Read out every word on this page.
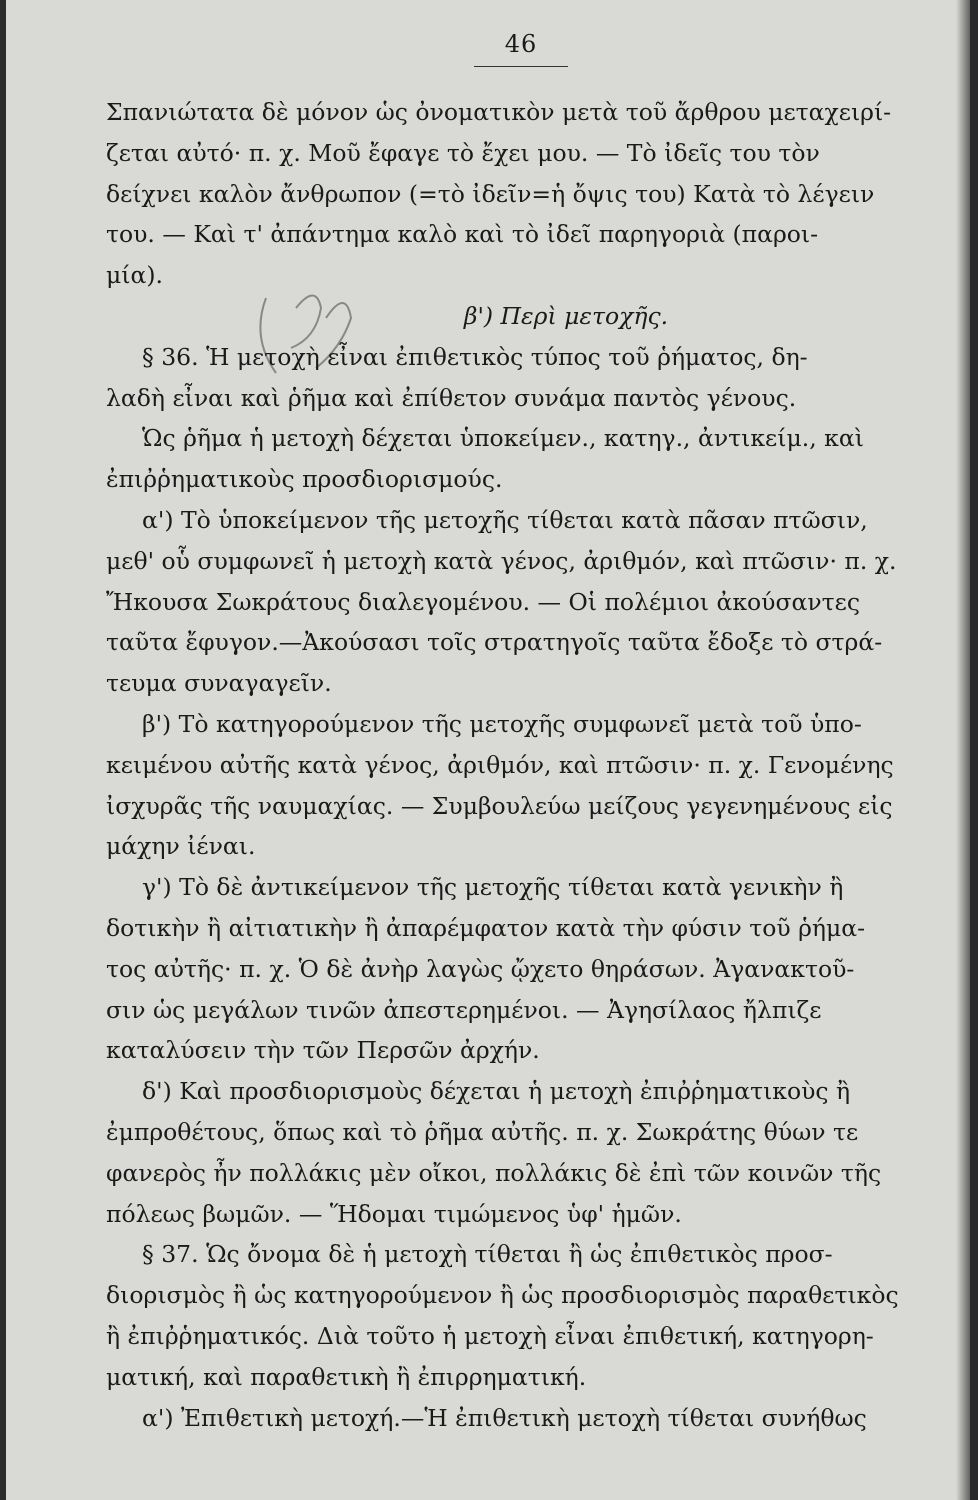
46
Σπανιώτατα δὲ μόνον ὡς ὀνοματικὸν μετὰ τοῦ ἄρθρου μεταχειρί-
ζεται αὐτό· π. χ. Μοῦ ἔφαγε τὸ ἔχει μου. — Τὸ ἰδεῖς του τὸν
δείχνει καλὸν ἄνθρωπον (=τὸ ἰδεῖν=ἡ ὄψις του) Κατὰ τὸ λέγειν
του. — Καὶ τ' ἀπάντημα καλὸ καὶ τὸ ἰδεῖ παρηγοριὰ (παροι-
μία).
β') Περὶ μετοχῆς.
§ 36. Ἡ μετοχὴ εἶναι ἐπιθετικὸς τύπος τοῦ ῥήματος, δη-
λαδὴ εἶναι καὶ ῥῆμα καὶ ἐπίθετον συνάμα παντὸς γένους.
Ὡς ῥῆμα ἡ μετοχὴ δέχεται ὑποκείμεν., κατηγ., ἀντικείμ., καὶ
ἐπιῤῥηματικοὺς προσδιορισμούς.
α') Τὸ ὑποκείμενον τῆς μετοχῆς τίθεται κατὰ πᾶσαν πτῶσιν,
μεθ' οὗ συμφωνεῖ ἡ μετοχὴ κατὰ γένος, ἀριθμόν, καὶ πτῶσιν· π. χ.
Ἤκουσα Σωκράτους διαλεγομένου. — Οἱ πολέμιοι ἀκούσαντες
ταῦτα ἔφυγον.—Ἀκούσασι τοῖς στρατηγοῖς ταῦτα ἔδοξε τὸ στρά-
τευμα συναγαγεῖν.
β') Τὸ κατηγορούμενον τῆς μετοχῆς συμφωνεῖ μετὰ τοῦ ὑπο-
κειμένου αὐτῆς κατὰ γένος, ἀριθμόν, καὶ πτῶσιν· π. χ. Γενομένης
ἰσχυρᾶς τῆς ναυμαχίας. — Συμβουλεύω μείζους γεγενημένους εἰς
μάχην ἰέναι.
γ') Τὸ δὲ ἀντικείμενον τῆς μετοχῆς τίθεται κατὰ γενικὴν ἢ
δοτικὴν ἢ αἰτιατικὴν ἢ ἀπαρέμφατον κατὰ τὴν φύσιν τοῦ ῥήμα-
τος αὐτῆς· π. χ. Ὁ δὲ ἀνὴρ λαγὼς ᾤχετο θηράσων. Ἀγανακτοῦ-
σιν ὡς μεγάλων τινῶν ἀπεστερημένοι. — Ἀγησίλαος ἤλπιζε
καταλύσειν τὴν τῶν Περσῶν ἀρχήν.
δ') Καὶ προσδιορισμοὺς δέχεται ἡ μετοχὴ ἐπιῤῥηματικοὺς ἢ
ἐμπροθέτους, ὅπως καὶ τὸ ῥῆμα αὐτῆς. π. χ. Σωκράτης θύων τε
φανερὸς ἦν πολλάκις μὲν οἴκοι, πολλάκις δὲ ἐπὶ τῶν κοινῶν τῆς
πόλεως βωμῶν. — Ἥδομαι τιμώμενος ὑφ' ἡμῶν.
§ 37. Ὡς ὄνομα δὲ ἡ μετοχὴ τίθεται ἢ ὡς ἐπιθετικὸς προσ-
διορισμὸς ἢ ὡς κατηγορούμενον ἢ ὡς προσδιορισμὸς παραθετικὸς
ἢ ἐπιῤῥηματικός. Διὰ τοῦτο ἡ μετοχὴ εἶναι ἐπιθετική, κατηγορη-
ματική, καὶ παραθετικὴ ἢ ἐπιρρηματική.
α') Ἐπιθετικὴ μετοχή.—Ἡ ἐπιθετικὴ μετοχὴ τίθεται συνήθως
